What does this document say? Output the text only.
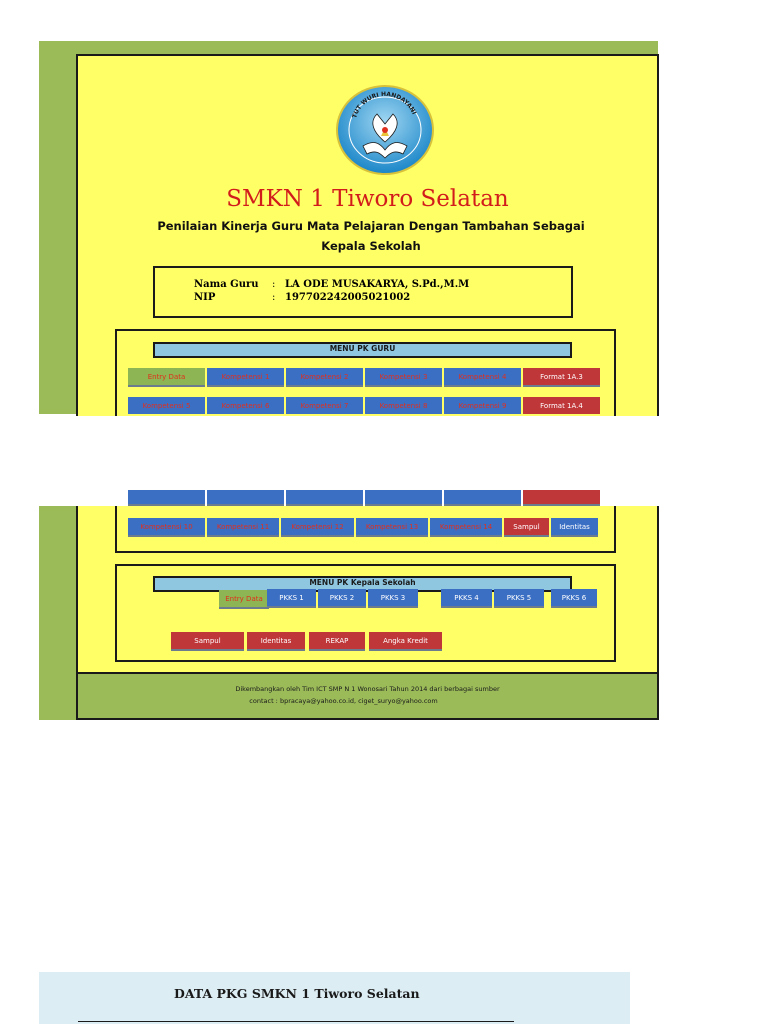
TUT WURI HANDAYANI
SMKN 1 Tiworo Selatan
Penilaian Kinerja Guru Mata Pelajaran Dengan Tambahan Sebagai Kepala Sekolah
Nama Guru : LA ODE MUSAKARYA, S.Pd.,M.M
NIP	: 197702242005021002
MENU PK GURU
Entry Data	Kompetensi 1	Kompetensi 2	Kompetensi 3	Kompetensi 4	Format 1A.3
Kompetensi 5	Kompetensi 6	Kompetensi 7	Kompetensi 8	Kompetensi 9	Format 1A.4
Kompetensi 10	Kompetensi 11	Kompetensi 12	Kompetensi 13	Kompetensi 14	Sampul	Identitas
MENU PK Kepala Sekolah
Entry Data	PKKS 1	PKKS 2	PKKS 3	PKKS 4	PKKS 5	PKKS 6
Sampul	Identitas	REKAP	Angka Kredit
Dikembangkan oleh Tim ICT SMP N 1 Wonosari Tahun 2014 dari berbagai sumber
contact : bpracaya@yahoo.co.id, ciget_suryo@yahoo.com
DATA PKG SMKN 1 Tiworo Selatan
